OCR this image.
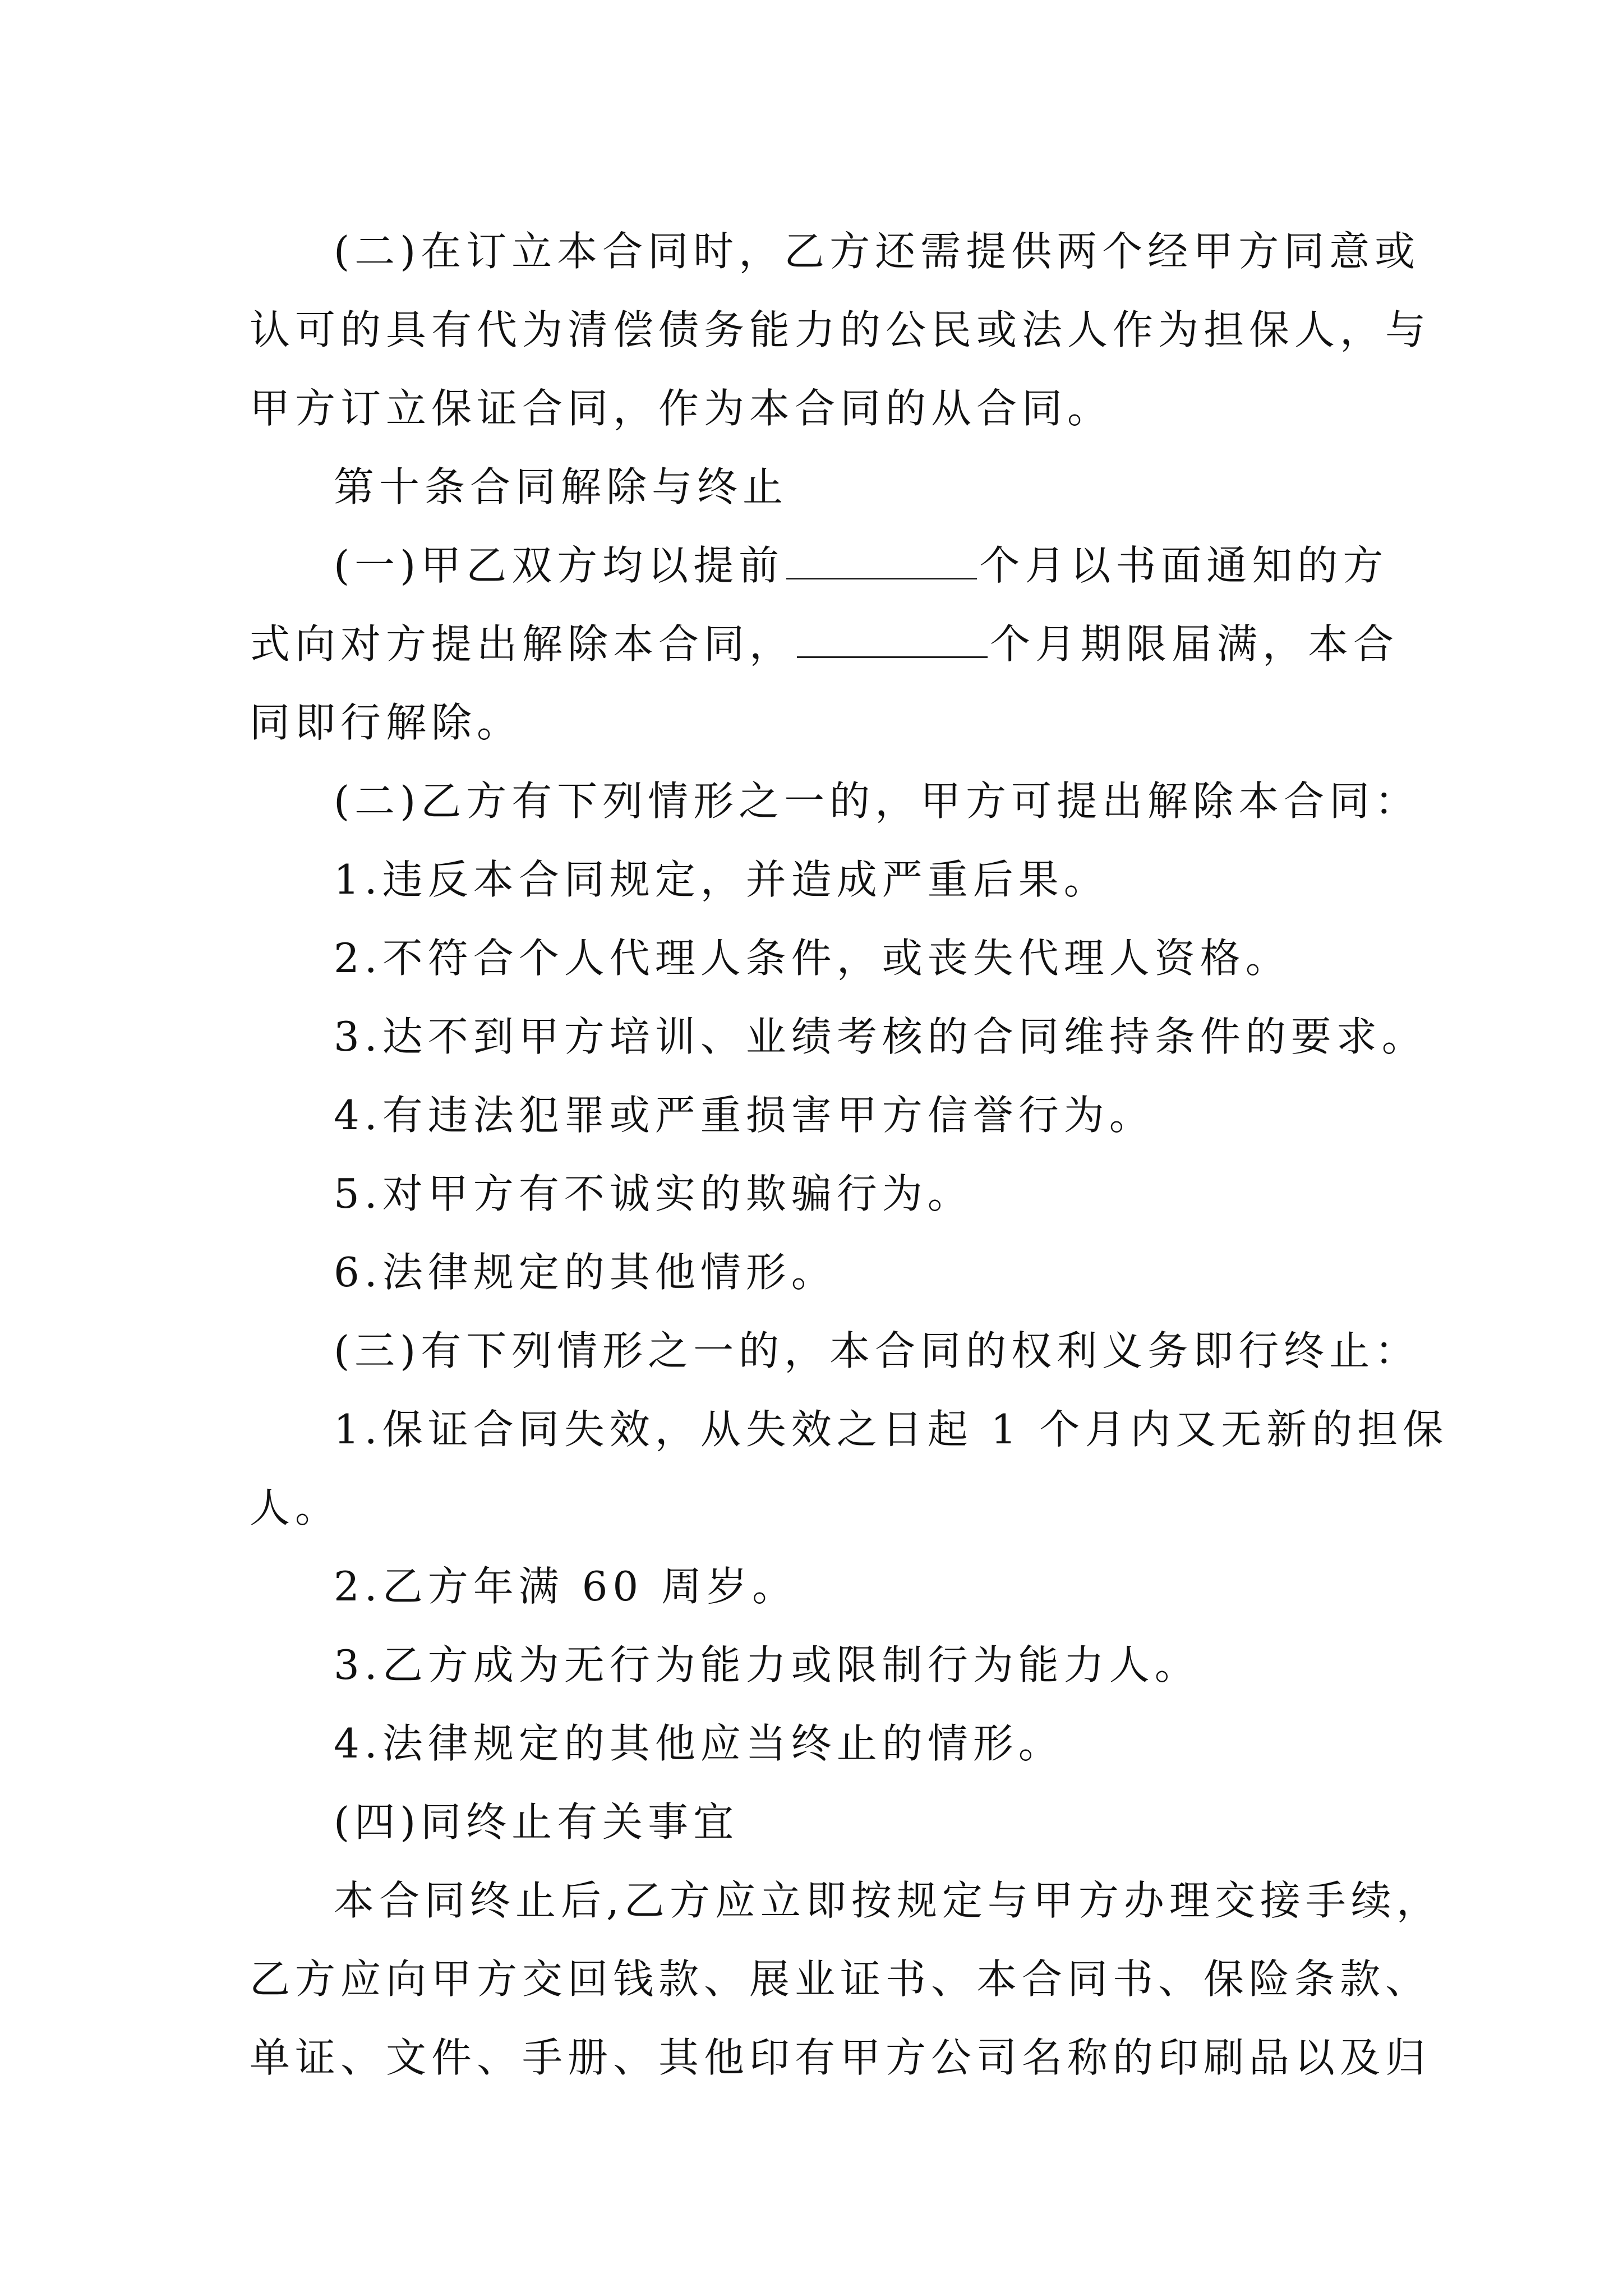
(二)在订立本合同时，乙方还需提供两个经甲方同意或
认可的具有代为清偿债务能力的公民或法人作为担保人，与
甲方订立保证合同，作为本合同的从合同。
第十条合同解除与终止
(一)甲乙双方均以提前	个月以书面通知的方
式向对方提出解除本合同，	个月期限届满，本合
同即行解除。
(二)乙方有下列情形之一的，甲方可提出解除本合同：
1.违反本合同规定，并造成严重后果。
2.不符合个人代理人条件，或丧失代理人资格。
3.达不到甲方培训、业绩考核的合同维持条件的要求。
4.有违法犯罪或严重损害甲方信誉行为。
5.对甲方有不诚实的欺骗行为。
6.法律规定的其他情形。
(三)有下列情形之一的，本合同的权利义务即行终止：
1.保证合同失效，从失效之日起 1 个月内又无新的担保
人。
2.乙方年满 60 周岁。
3.乙方成为无行为能力或限制行为能力人。
4.法律规定的其他应当终止的情形。
(四)同终止有关事宜
本合同终止后,乙方应立即按规定与甲方办理交接手续，
乙方应向甲方交回钱款、展业证书、本合同书、保险条款、
单证、文件、手册、其他印有甲方公司名称的印刷品以及归
